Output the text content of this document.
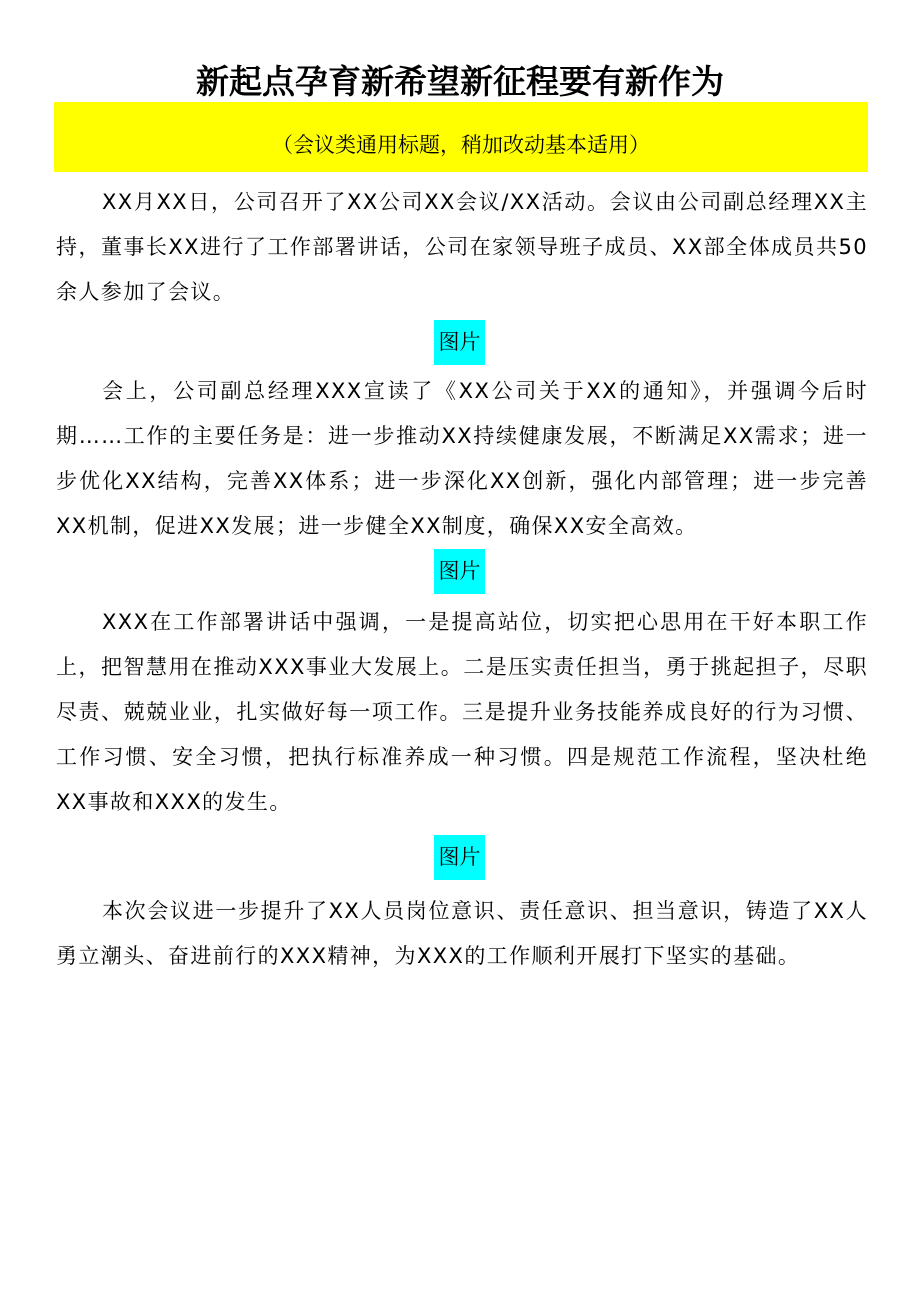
新起点孕育新希望新征程要有新作为
（会议类通用标题，稍加改动基本适用）
XX月XX日，公司召开了XX公司XX会议/XX活动。会议由公司副总经理XX主持，董事长XX进行了工作部署讲话，公司在家领导班子成员、XX部全体成员共50余人参加了会议。
图片
会上，公司副总经理XXX宣读了《XX公司关于XX的通知》，并强调今后时期……工作的主要任务是：进一步推动XX持续健康发展，不断满足XX需求；进一步优化XX结构，完善XX体系；进一步深化XX创新，强化内部管理；进一步完善XX机制，促进XX发展；进一步健全XX制度，确保XX安全高效。
图片
XXX在工作部署讲话中强调，一是提高站位，切实把心思用在干好本职工作上，把智慧用在推动XXX事业大发展上。二是压实责任担当，勇于挑起担子，尽职尽责、兢兢业业，扎实做好每一项工作。三是提升业务技能养成良好的行为习惯、工作习惯、安全习惯，把执行标准养成一种习惯。四是规范工作流程，坚决杜绝XX事故和XXX的发生。
图片
本次会议进一步提升了XX人员岗位意识、责任意识、担当意识，铸造了XX人勇立潮头、奋进前行的XXX精神，为XXX的工作顺利开展打下坚实的基础。
